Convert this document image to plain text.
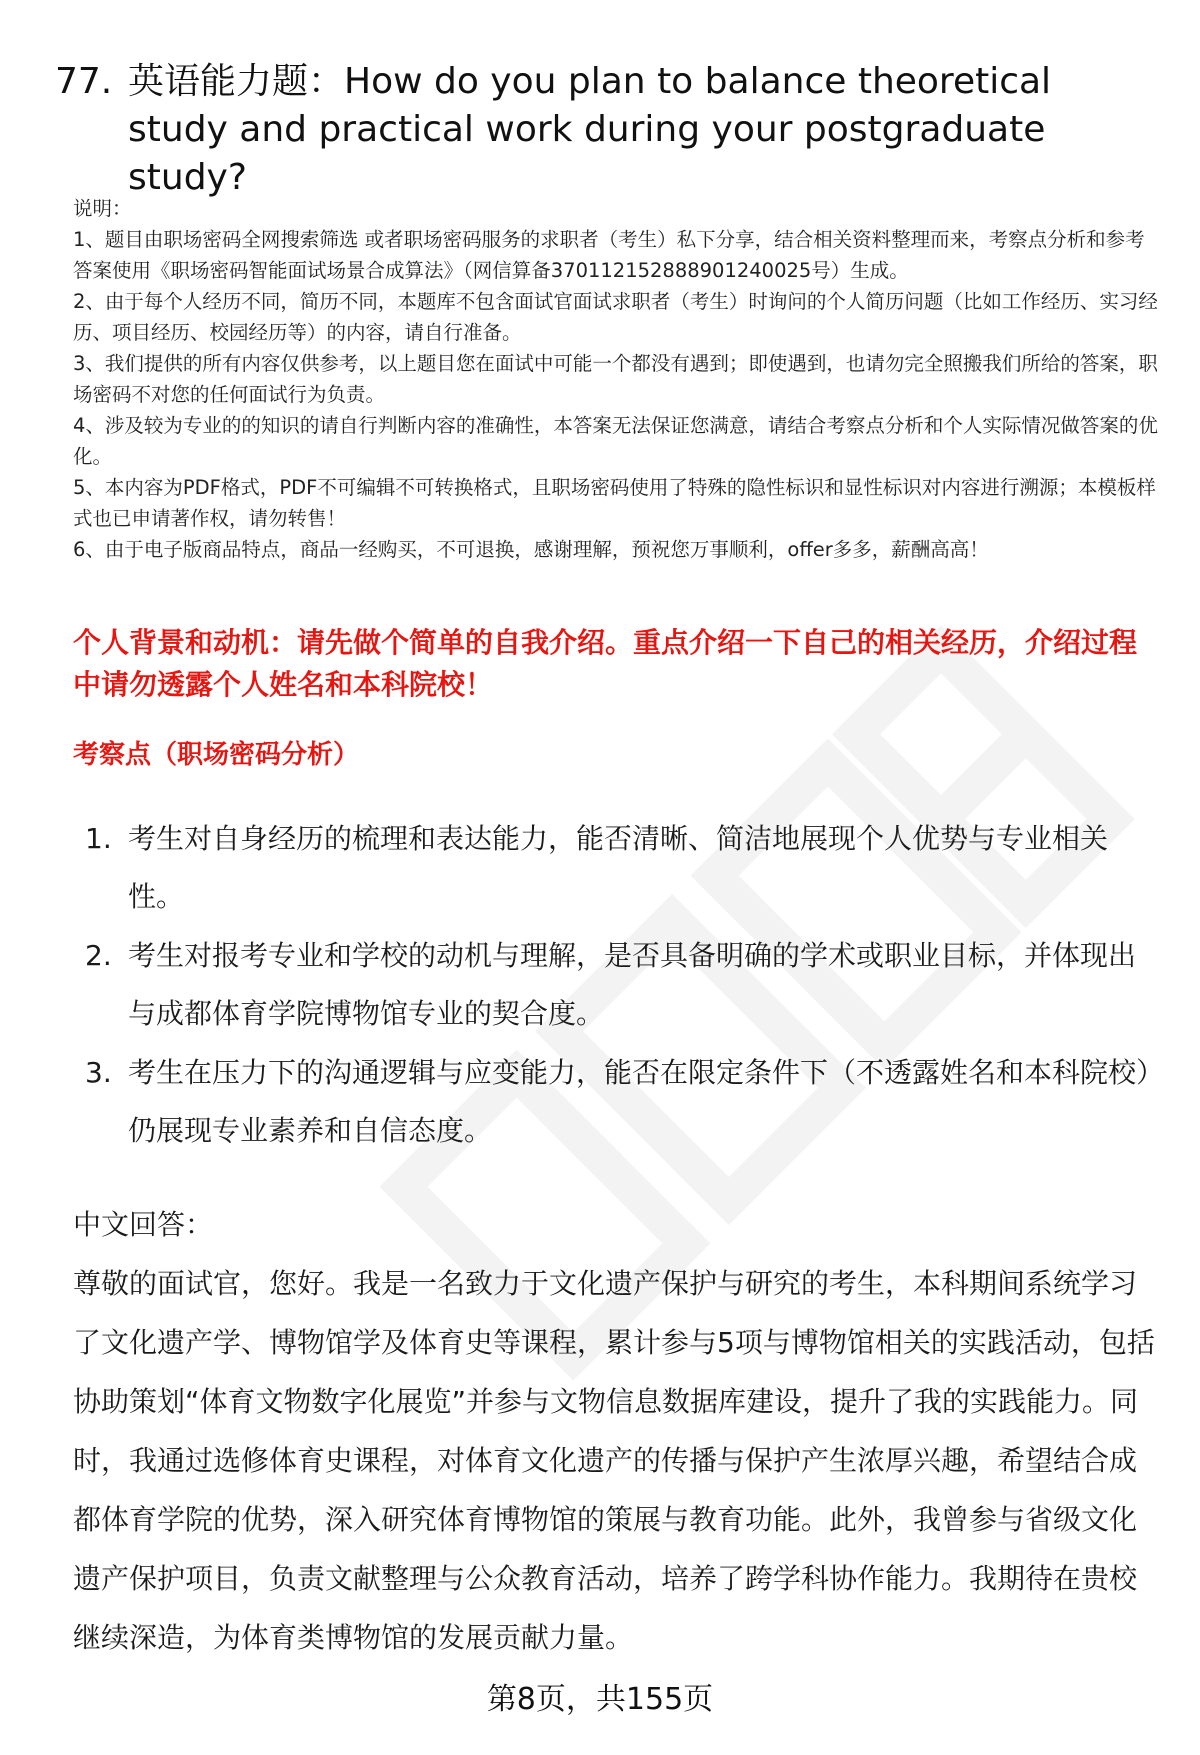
77. 英语能力题：How do you plan to balance theoretical study and practical work during your postgraduate study?

说明：

1、题目由职场密码全网搜索筛选 或者职场密码服务的求职者（考生）私下分享，结合相关资料整理而来，考察点分析和参考答案使用《职场密码智能面试场景合成算法》（网信算备370112152888901240025号）生成。

2、由于每个人经历不同，简历不同，本题库不包含面试官面试求职者（考生）时询问的个人简历问题（比如工作经历、实习经历、项目经历、校园经历等）的内容，请自行准备。

3、我们提供的所有内容仅供参考，以上题目您在面试中可能一个都没有遇到；即使遇到，也请勿完全照搬我们所给的答案，职场密码不对您的任何面试行为负责。

4、涉及较为专业的的知识的请自行判断内容的准确性，本答案无法保证您满意，请结合考察点分析和个人实际情况做答案的优化。

5、本内容为PDF格式，PDF不可编辑不可转换格式，且职场密码使用了特殊的隐性标识和显性标识对内容进行溯源；本模板样式也已申请著作权，请勿转售！

6、由于电子版商品特点，商品一经购买，不可退换，感谢理解，预祝您万事顺利，offer多多，薪酬高高！

个人背景和动机：请先做个简单的自我介绍。重点介绍一下自己的相关经历，介绍过程中请勿透露个人姓名和本科院校！
考察点（职场密码分析）
1. 考生对自身经历的梳理和表达能力，能否清晰、简洁地展现个人优势与专业相关性。
2. 考生对报考专业和学校的动机与理解，是否具备明确的学术或职业目标，并体现出与成都体育学院博物馆专业的契合度。
3. 考生在压力下的沟通逻辑与应变能力，能否在限定条件下（不透露姓名和本科院校）仍展现专业素养和自信态度。

中文回答：

尊敬的面试官，您好。我是一名致力于文化遗产保护与研究的考生，本科期间系统学习了文化遗产学、博物馆学及体育史等课程，累计参与5项与博物馆相关的实践活动，包括协助策划“体育文物数字化展览”并参与文物信息数据库建设，提升了我的实践能力。同时，我通过选修体育史课程，对体育文化遗产的传播与保护产生浓厚兴趣，希望结合成都体育学院的优势，深入研究体育博物馆的策展与教育功能。此外，我曾参与省级文化遗产保护项目，负责文献整理与公众教育活动，培养了跨学科协作能力。我期待在贵校继续深造，为体育类博物馆的发展贡献力量。

第8页，共155页
